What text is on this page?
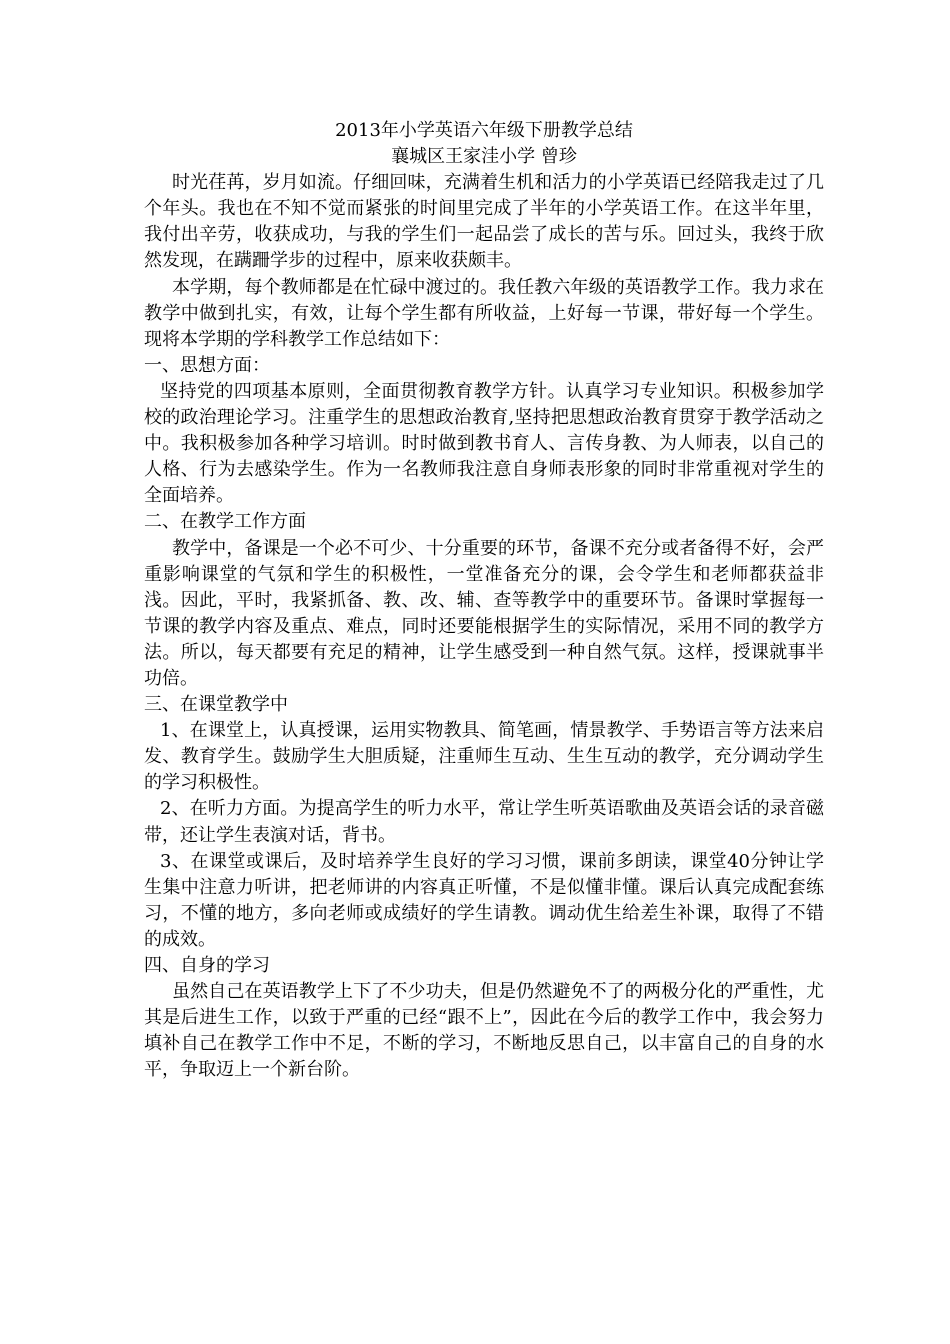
2013年小学英语六年级下册教学总结
襄城区王家洼小学 曾珍

时光荏苒，岁月如流。仔细回味，充满着生机和活力的小学英语已经陪我走过了几个年头。我也在不知不觉而紧张的时间里完成了半年的小学英语工作。在这半年里，我付出辛劳，收获成功，与我的学生们一起品尝了成长的苦与乐。回过头，我终于欣然发现，在蹒跚学步的过程中，原来收获颇丰。

本学期，每个教师都是在忙碌中渡过的。我任教六年级的英语教学工作。我力求在教学中做到扎实，有效，让每个学生都有所收益，上好每一节课，带好每一个学生。现将本学期的学科教学工作总结如下：

一、思想方面：

坚持党的四项基本原则，全面贯彻教育教学方针。认真学习专业知识。积极参加学校的政治理论学习。注重学生的思想政治教育,坚持把思想政治教育贯穿于教学活动之中。我积极参加各种学习培训。时时做到教书育人、言传身教、为人师表，以自己的人格、行为去感染学生。作为一名教师我注意自身师表形象的同时非常重视对学生的全面培养。

二、在教学工作方面

教学中，备课是一个必不可少、十分重要的环节，备课不充分或者备得不好，会严重影响课堂的气氛和学生的积极性，一堂准备充分的课，会令学生和老师都获益非浅。因此，平时，我紧抓备、教、改、辅、查等教学中的重要环节。备课时掌握每一节课的教学内容及重点、难点，同时还要能根据学生的实际情况，采用不同的教学方法。所以，每天都要有充足的精神，让学生感受到一种自然气氛。这样，授课就事半功倍。

三、在课堂教学中

1、在课堂上，认真授课，运用实物教具、简笔画，情景教学、手势语言等方法来启发、教育学生。鼓励学生大胆质疑，注重师生互动、生生互动的教学，充分调动学生的学习积极性。

2、在听力方面。为提高学生的听力水平，常让学生听英语歌曲及英语会话的录音磁带，还让学生表演对话，背书。

3、在课堂或课后，及时培养学生良好的学习习惯，课前多朗读，课堂40分钟让学生集中注意力听讲，把老师讲的内容真正听懂，不是似懂非懂。课后认真完成配套练习，不懂的地方，多向老师或成绩好的学生请教。调动优生给差生补课，取得了不错的成效。

四、自身的学习

虽然自己在英语教学上下了不少功夫，但是仍然避免不了的两极分化的严重性，尤其是后进生工作，以致于严重的已经“跟不上”，因此在今后的教学工作中，我会努力填补自己在教学工作中不足，不断的学习，不断地反思自己，以丰富自己的自身的水平，争取迈上一个新台阶。
